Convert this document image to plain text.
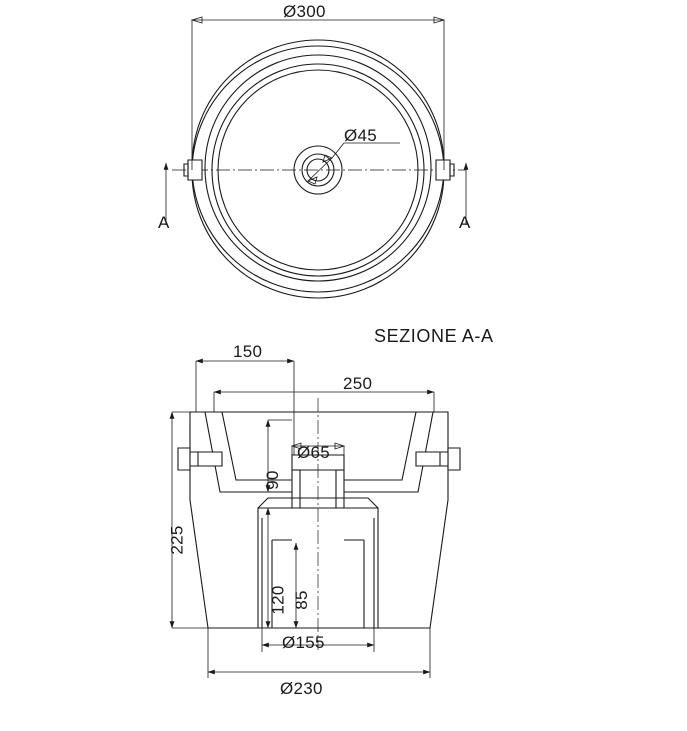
Ø300
Ø45
A	A
SEZIONE A-A
150
250
90
225
Ø65
120 85
Ø155
Ø230
